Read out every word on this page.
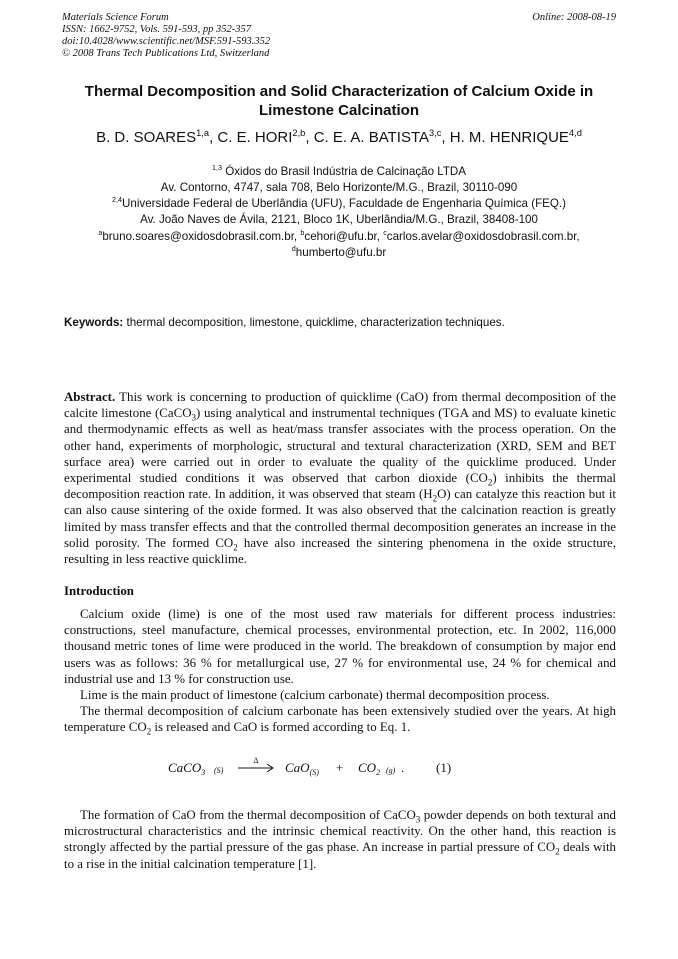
Materials Science Forum
ISSN: 1662-9752, Vols. 591-593, pp 352-357
doi:10.4028/www.scientific.net/MSF.591-593.352
© 2008 Trans Tech Publications Ltd, Switzerland
Online: 2008-08-19
Thermal Decomposition and Solid Characterization of Calcium Oxide in Limestone Calcination
B. D. SOARES$^{1,a}$, C. E. HORI$^{2,b}$, C. E. A. BATISTA$^{3,c}$, H. M. HENRIQUE$^{4,d}$
$^{1,3}$ Óxidos do Brasil Indústria de Calcinação LTDA
Av. Contorno, 4747, sala 708, Belo Horizonte/M.G., Brazil, 30110-090
$^{2,4}$Universidade Federal de Uberlândia (UFU), Faculdade de Engenharia Química (FEQ.)
Av. João Naves de Ávila, 2121, Bloco 1K, Uberlândia/M.G., Brazil, 38408-100
$^a$bruno.soares@oxidosdobrasil.com.br, $^b$cehori@ufu.br, $^c$carlos.avelar@oxidosdobrasil.com.br,
$^d$humberto@ufu.br
Keywords: thermal decomposition, limestone, quicklime, characterization techniques.
Abstract. This work is concerning to production of quicklime (CaO) from thermal decomposition of the calcite limestone (CaCO$_3$) using analytical and instrumental techniques (TGA and MS) to evaluate kinetic and thermodynamic effects as well as heat/mass transfer associates with the process operation. On the other hand, experiments of morphologic, structural and textural characterization (XRD, SEM and BET surface area) were carried out in order to evaluate the quality of the quicklime produced. Under experimental studied conditions it was observed that carbon dioxide $(CO_2)$ inhibits the thermal decomposition reaction rate. In addition, it was observed that steam $(H_2O)$ can catalyze this reaction but it can also cause sintering of the oxide formed. It was also observed that the calcination reaction is greatly limited by mass transfer effects and that the controlled thermal decomposition generates an increase in the solid porosity. The formed $CO_2$ have also increased the sintering phenomena in the oxide structure, resulting in less reactive quicklime.
Introduction

Calcium oxide (lime) is one of the most used raw materials for different process industries: constructions, steel manufacture, chemical processes, environmental protection, etc. In 2002, 116,000 thousand metric tones of lime were produced in the world. The breakdown of consumption by major end users was as follows: 36 % for metallurgical use, 27 % for environmental use, 24 % for chemical and industrial use and 13 % for construction use.

Lime is the main product of limestone (calcium carbonate) thermal decomposition process.

The thermal decomposition of calcium carbonate has been extensively studied over the years. At high temperature $CO_2$ is released and CaO is formed according to Eq. 1.

CaCO$_3$ (S)
Δ	$CaO_{(S)} + CO_2$ (g) . (1)

The formation of CaO from the thermal decomposition of CaCO$_3$ powder depends on both textural and microstructural characteristics and the intrinsic chemical reactivity. On the other hand, this reaction is strongly affected by the partial pressure of the gas phase. An increase in partial pressure of $CO_2$ deals with to a rise in the initial calcination temperature [1].
